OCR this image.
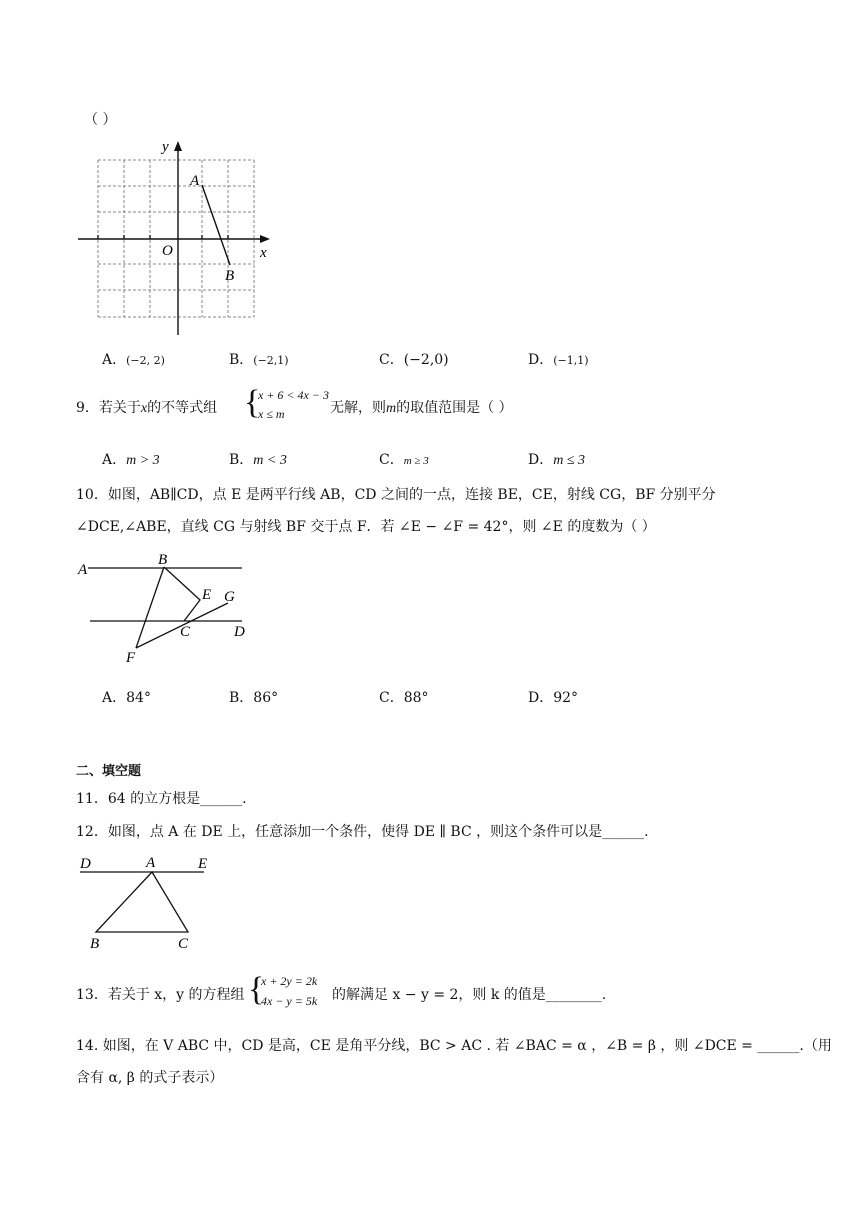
（ ）
y
x
O
A
B
A．(−2, 2)	B．(−2,1)	C．(−2,0)	D．(−1,1)
9．若关于x的不等式组 {
x + 6 < 4x − 3
x ≤ m	无解，则m的取值范围是（ ）
A．m > 3	B．m < 3	C．m ≥ 3	D．m ≤ 3
10．如图，AB∥CD，点 E 是两平行线 AB，CD 之间的一点，连接 BE，CE，射线 CG，BF 分别平分
∠DCE,∠ABE，直线 CG 与射线 BF 交于点 F．若 ∠E − ∠F = 42°，则 ∠E 的度数为（ ）
A
B
E G
C	D
F
A．84°	B．86°	C．88°	D．92°
二、填空题
11．64 的立方根是______.
12．如图，点 A 在 DE 上，任意添加一个条件，使得 DE ∥ BC ，则这个条件可以是______.
D	A	E
B	C
13．若关于 x，y 的方程组 {
x + 2y = 2k
4x − y = 5k 的解满足 x − y = 2，则 k 的值是________.
14. 如图，在 V ABC 中，CD 是高，CE 是角平分线，BC > AC . 若 ∠BAC = α ，∠B = β ，则 ∠DCE = ______.（用
含有 α, β 的式子表示）
